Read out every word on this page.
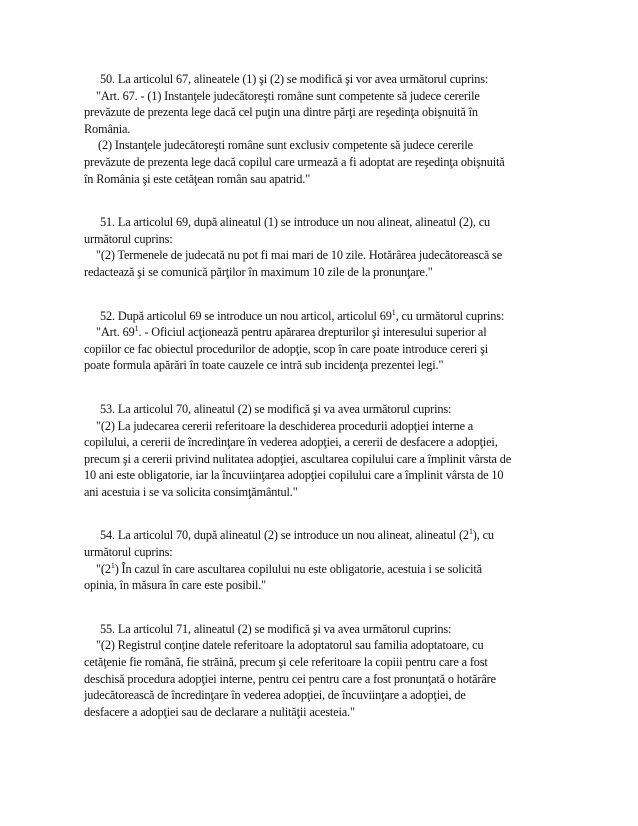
50. La articolul 67, alineatele (1) şi (2) se modifică şi vor avea următorul cuprins:
"Art. 67. - (1) Instanţele judecătoreşti române sunt competente să judece cererile
prevăzute de prezenta lege dacă cel puţin una dintre părţi are reşedinţa obişnuită în
România.
(2) Instanţele judecătoreşti române sunt exclusiv competente să judece cererile
prevăzute de prezenta lege dacă copilul care urmează a fi adoptat are reşedinţa obişnuită
în România şi este cetăţean român sau apatrid."

51. La articolul 69, după alineatul (1) se introduce un nou alineat, alineatul (2), cu
următorul cuprins:
"(2) Termenele de judecată nu pot fi mai mari de 10 zile. Hotărârea judecătorească se
redactează şi se comunică părţilor în maximum 10 zile de la pronunţare."

52. După articolul 69 se introduce un nou articol, articolul $69^1$, cu următorul cuprins:
"Art. $69^1$. - Oficiul acţionează pentru apărarea drepturilor şi interesului superior al
copiilor ce fac obiectul procedurilor de adopţie, scop în care poate introduce cereri şi
poate formula apărări în toate cauzele ce intră sub incidenţa prezentei legi."

53. La articolul 70, alineatul (2) se modifică şi va avea următorul cuprins:
"(2) La judecarea cererii referitoare la deschiderea procedurii adopţiei interne a
copilului, a cererii de încredinţare în vederea adopţiei, a cererii de desfacere a adopţiei,
precum şi a cererii privind nulitatea adopţiei, ascultarea copilului care a împlinit vârsta de
10 ani este obligatorie, iar la încuviinţarea adopţiei copilului care a împlinit vârsta de 10
ani acestuia i se va solicita consimţământul."

54. La articolul 70, după alineatul (2) se introduce un nou alineat, alineatul $(2^1)$, cu
următorul cuprins:
"$(2^1)$ În cazul în care ascultarea copilului nu este obligatorie, acestuia i se solicită
opinia, în măsura în care este posibil."

55. La articolul 71, alineatul (2) se modifică şi va avea următorul cuprins:
"(2) Registrul conţine datele referitoare la adoptatorul sau familia adoptatoare, cu
cetăţenie fie română, fie străină, precum şi cele referitoare la copiii pentru care a fost
deschisă procedura adopţiei interne, pentru cei pentru care a fost pronunţată o hotărâre
judecătorească de încredinţare în vederea adopţiei, de încuviinţare a adopţiei, de
desfacere a adopţiei sau de declarare a nulităţii acesteia."
